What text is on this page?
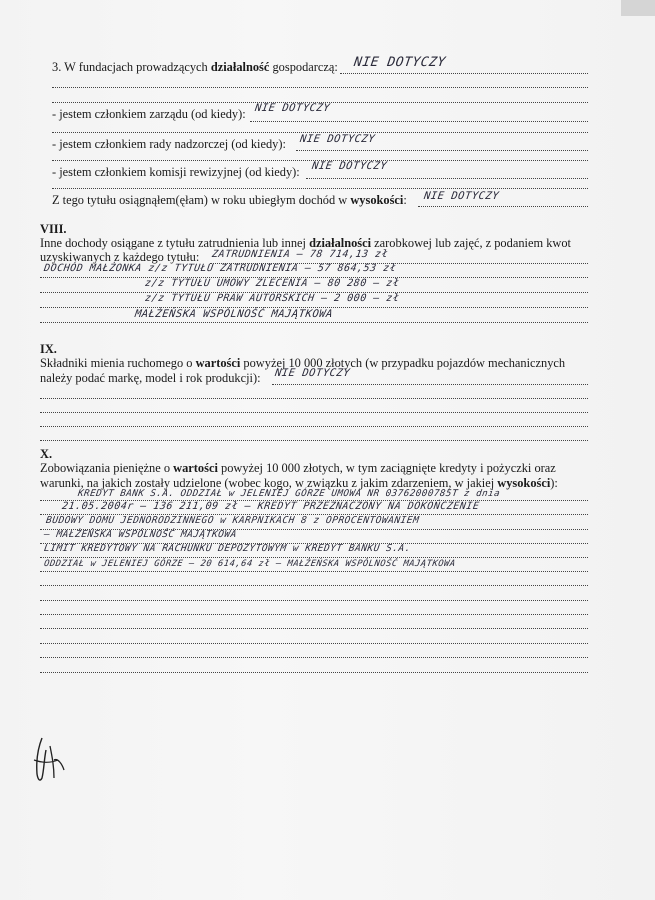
3. W fundacjach prowadzących działalność gospodarczą: NIE DOTYCZY
- jestem członkiem zarządu (od kiedy): NIE DOTYCZY
- jestem członkiem rady nadzorczej (od kiedy): NIE DOTYCZY
- jestem członkiem komisji rewizyjnej (od kiedy): NIE DOTYCZY
Z tego tytułu osiągnąłem(ęłam) w roku ubiegłym dochód w wysokości: NIE DOTYCZY
VIII.
Inne dochody osiągane z tytułu zatrudnienia lub innej działalności zarobkowej lub zajęć, z podaniem kwot
uzyskiwanych z każdego tytułu: ZATRUDNIENIA – 78 714,13 zł
DOCHÓD MAŁŻONKA z/z TYTUŁU ZATRUDNIENIA – 57 864,53 zł
z/z TYTUŁU UMOWY ZLECENIA – 80 280 – zł
z/z TYTUŁU PRAW AUTORSKICH – 2 000 – zł
MAŁŻEŃSKA WSPÓLNOŚĆ MAJĄTKOWA
IX.
Składniki mienia ruchomego o wartości powyżej 10 000 złotych (w przypadku pojazdów mechanicznych
należy podać markę, model i rok produkcji): NIE DOTYCZY
X.
Zobowiązania pieniężne o wartości powyżej 10 000 złotych, w tym zaciągnięte kredyty i pożyczki oraz
warunki, na jakich zostały udzielone (wobec kogo, w związku z jakim zdarzeniem, w jakiej wysokości):
KREDYT BANK S.A. ODDZIAŁ w JELENIEJ GÓRZE UMOWA NR 03762000785T z dnia
21.05.2004r – 136 211,09 zł – KREDYT PRZEZNACZONY NA DOKOŃCZENIE
BUDOWY DOMU JEDNORODZINNEGO w KARPNIKACH 8 z OPROCENTOWANIEM
– MAŁŻEŃSKA WSPÓLNOŚĆ MAJĄTKOWA
LIMIT KREDYTOWY NA RACHUNKU DEPOZYTOWYM w KREDYT BANKU S.A.
ODDZIAŁ w JELENIEJ GÓRZE – 20 614,64 zł – MAŁŻEŃSKA WSPÓLNOŚĆ MAJĄTKOWA
